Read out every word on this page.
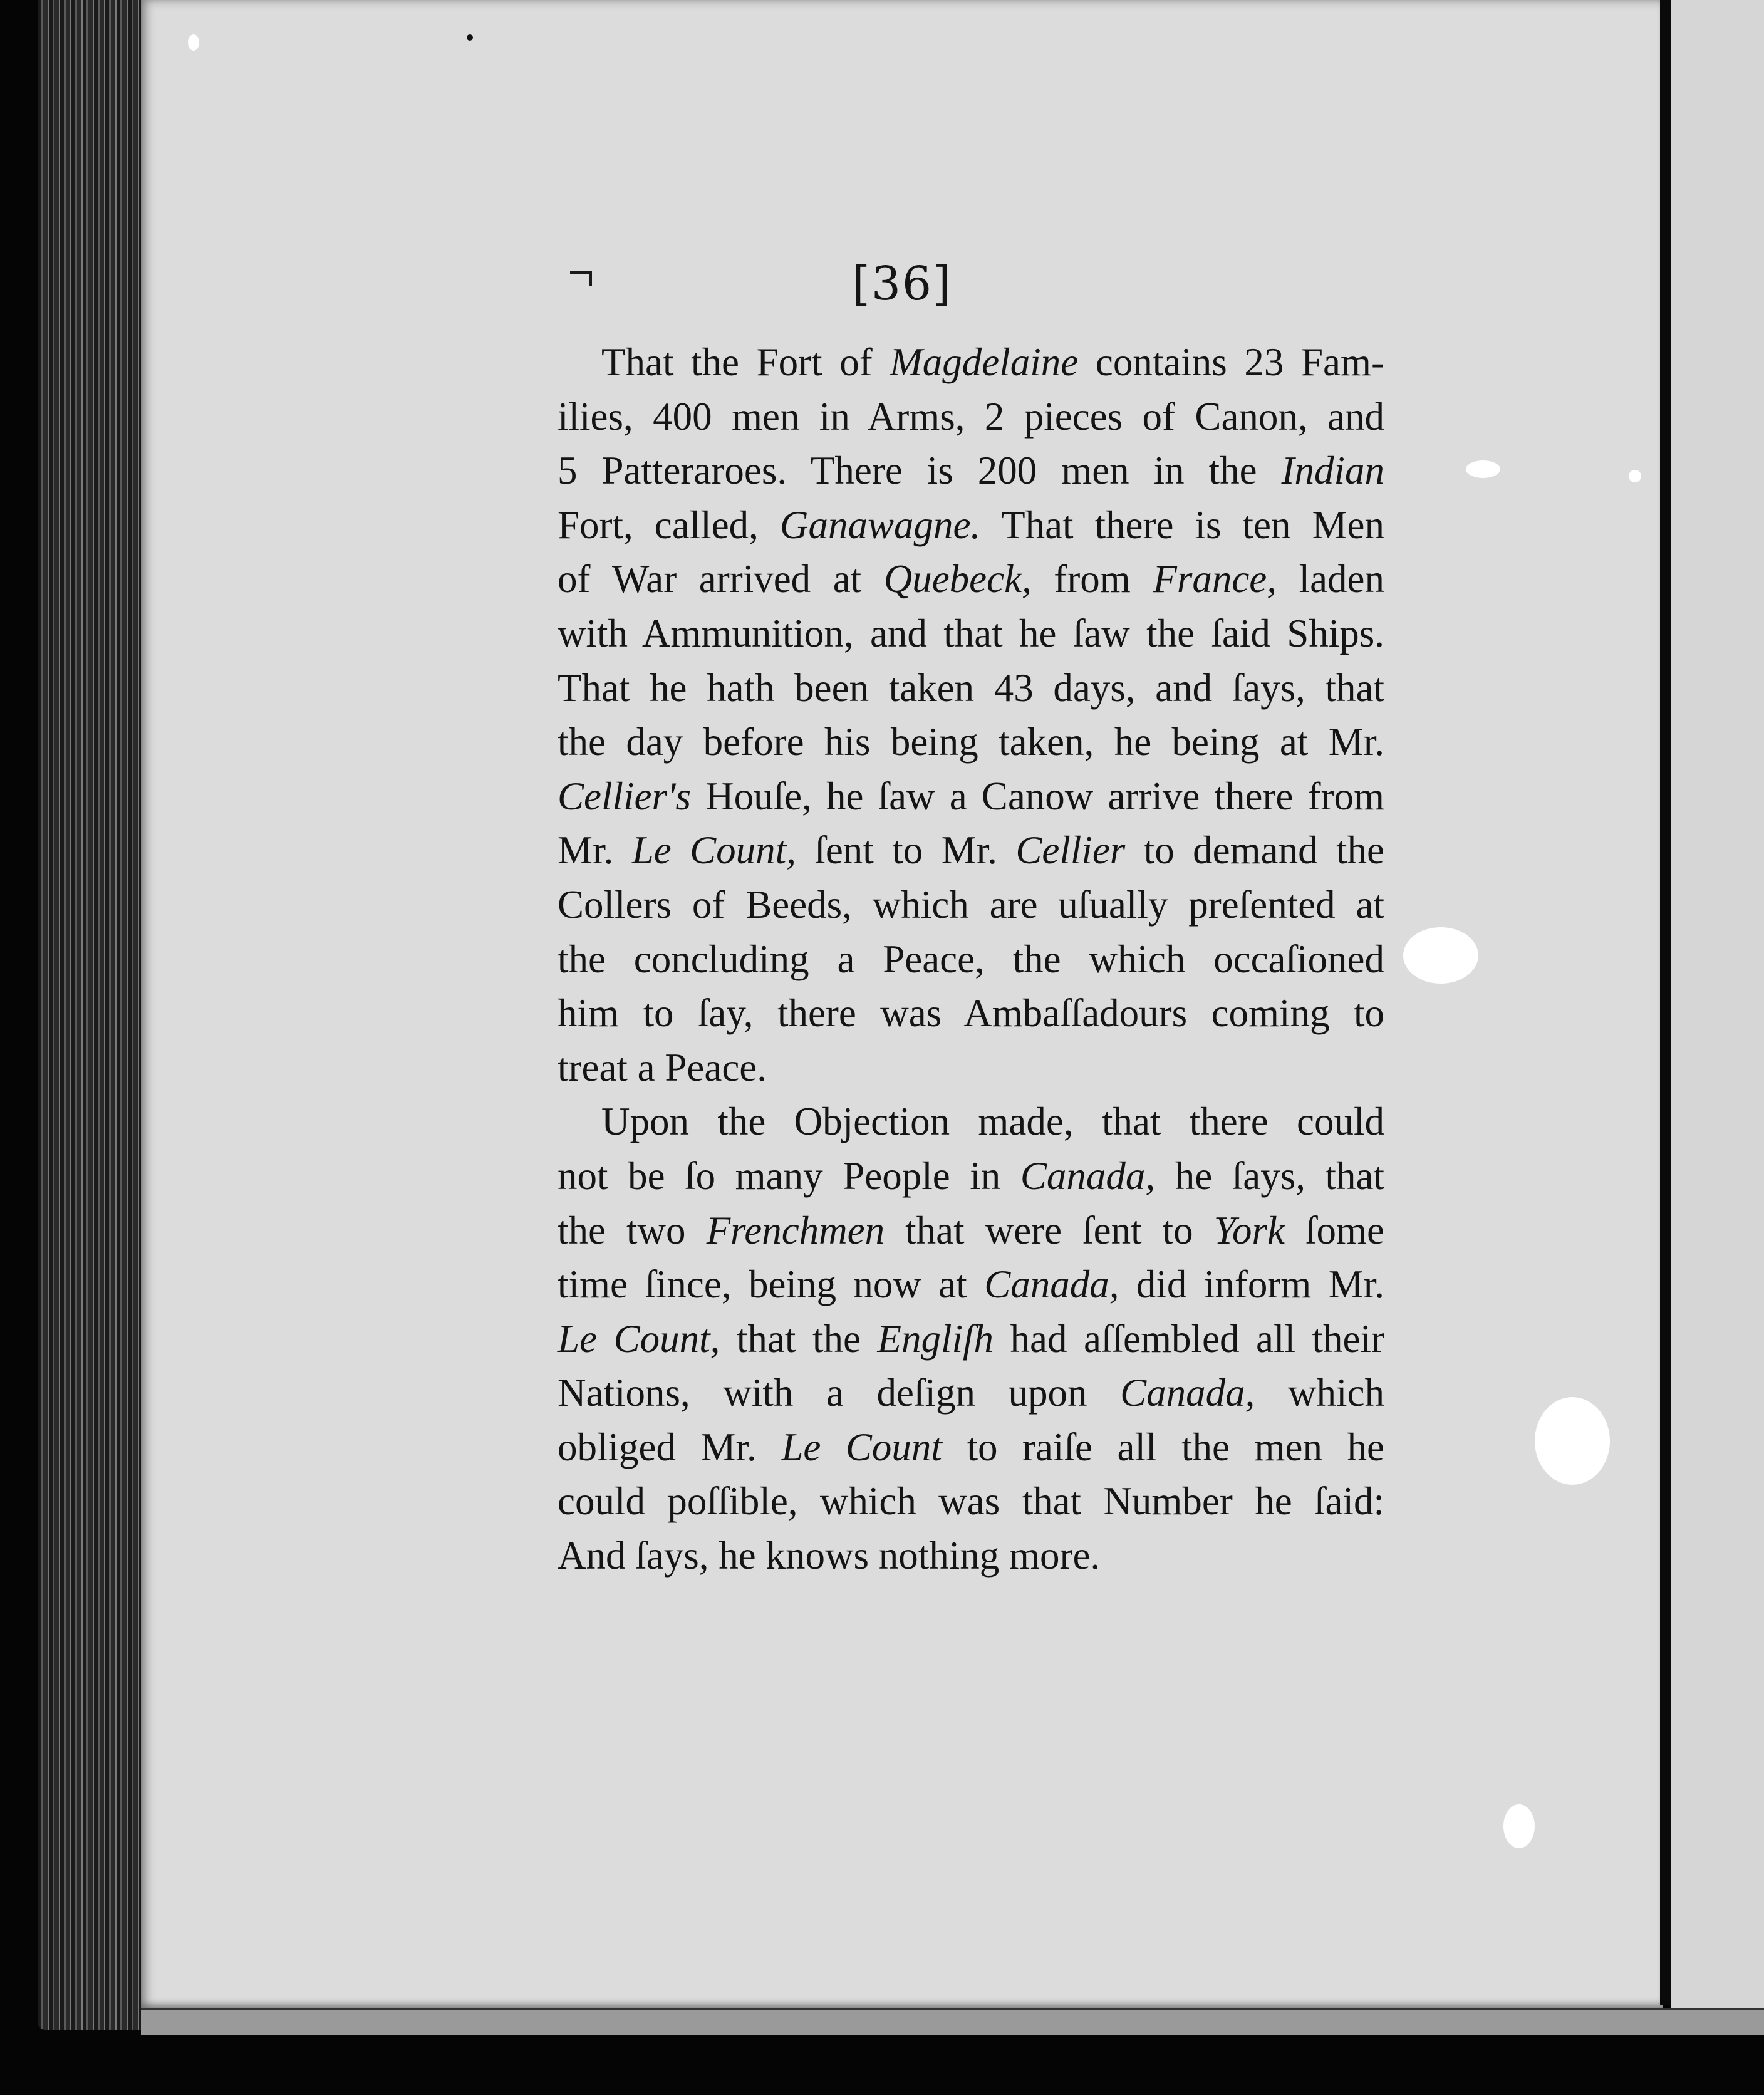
[36]
That the Fort of Magdelaine contains 23 Fam-
ilies, 400 men in Arms, 2 pieces of Canon, and
5 Patteraroes. There is 200 men in the Indian
Fort, called, Ganawagne. That there is ten Men
of War arrived at Quebeck, from France, laden
with Ammunition, and that he ſaw the ſaid Ships.
That he hath been taken 43 days, and ſays, that
the day before his being taken, he being at Mr.
Cellier's Houſe, he ſaw a Canow arrive there from
Mr. Le Count, ſent to Mr. Cellier to demand the
Collers of Beeds, which are uſually preſented at
the concluding a Peace, the which occaſioned
him to ſay, there was Ambaſſadours coming to
treat a Peace.
Upon the Objection made, that there could
not be ſo many People in Canada, he ſays, that
the two Frenchmen that were ſent to York ſome
time ſince, being now at Canada, did inform Mr.
Le Count, that the Engliſh had aſſembled all their
Nations, with a deſign upon Canada, which
obliged Mr. Le Count to raiſe all the men he
could poſſible, which was that Number he ſaid:
And ſays, he knows nothing more.
